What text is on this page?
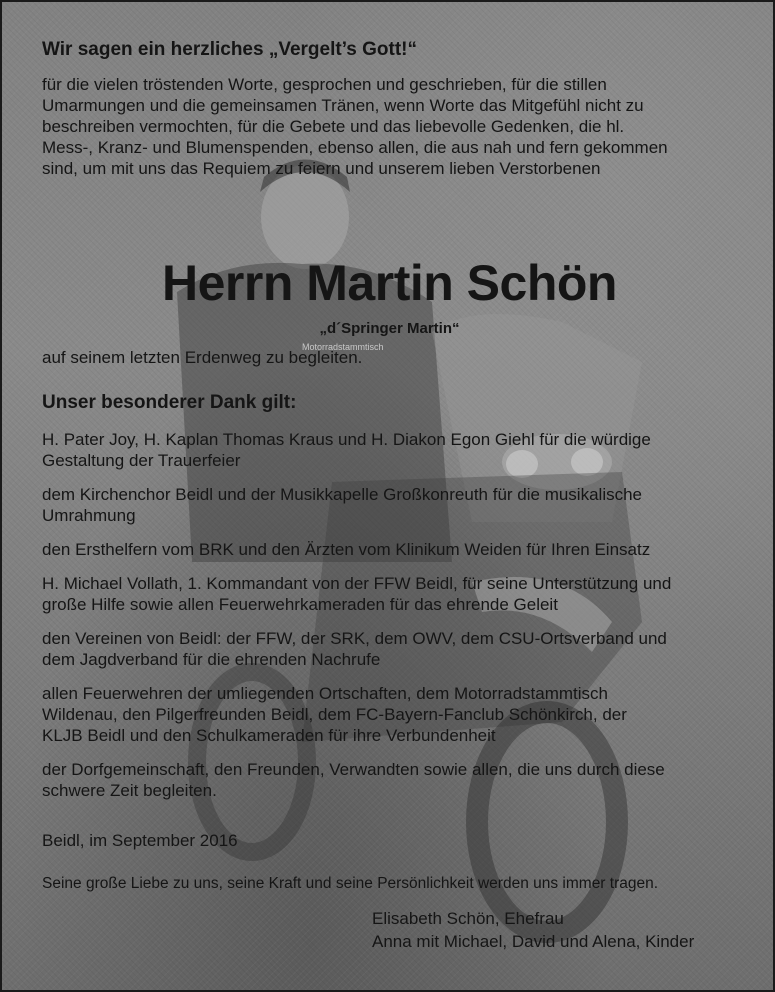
Motorradstammtisch

Wir sagen ein herzliches „Vergelt’s Gott!“

für die vielen tröstenden Worte, gesprochen und geschrieben, für die stillen
Umarmungen und die gemeinsamen Tränen, wenn Worte das Mitgefühl nicht zu
beschreiben vermochten, für die Gebete und das liebevolle Gedenken, die hl.
Mess-, Kranz- und Blumenspenden, ebenso allen, die aus nah und fern gekommen
sind, um mit uns das Requiem zu feiern und unserem lieben Verstorbenen

Herrn Martin Schön

„d´Springer Martin“

auf seinem letzten Erdenweg zu begleiten.

Unser besonderer Dank gilt:

H. Pater Joy, H. Kaplan Thomas Kraus und H. Diakon Egon Giehl für die würdige
Gestaltung der Trauerfeier

dem Kirchenchor Beidl und der Musikkapelle Großkonreuth für die musikalische
Umrahmung

den Ersthelfern vom BRK und den Ärzten vom Klinikum Weiden für Ihren Einsatz

H. Michael Vollath, 1. Kommandant von der FFW Beidl, für seine Unterstützung und
große Hilfe sowie allen Feuerwehrkameraden für das ehrende Geleit

den Vereinen von Beidl: der FFW, der SRK, dem OWV, dem CSU-Ortsverband und
dem Jagdverband für die ehrenden Nachrufe

allen Feuerwehren der umliegenden Ortschaften, dem Motorradstammtisch
Wildenau, den Pilgerfreunden Beidl, dem FC-Bayern-Fanclub Schönkirch, der
KLJB Beidl und den Schulkameraden für ihre Verbundenheit

der Dorfgemeinschaft, den Freunden, Verwandten sowie allen, die uns durch diese
schwere Zeit begleiten.

Beidl, im September 2016

Seine große Liebe zu uns, seine Kraft und seine Persönlichkeit werden uns immer tragen.

Elisabeth Schön, Ehefrau
Anna mit Michael, David und Alena, Kinder
